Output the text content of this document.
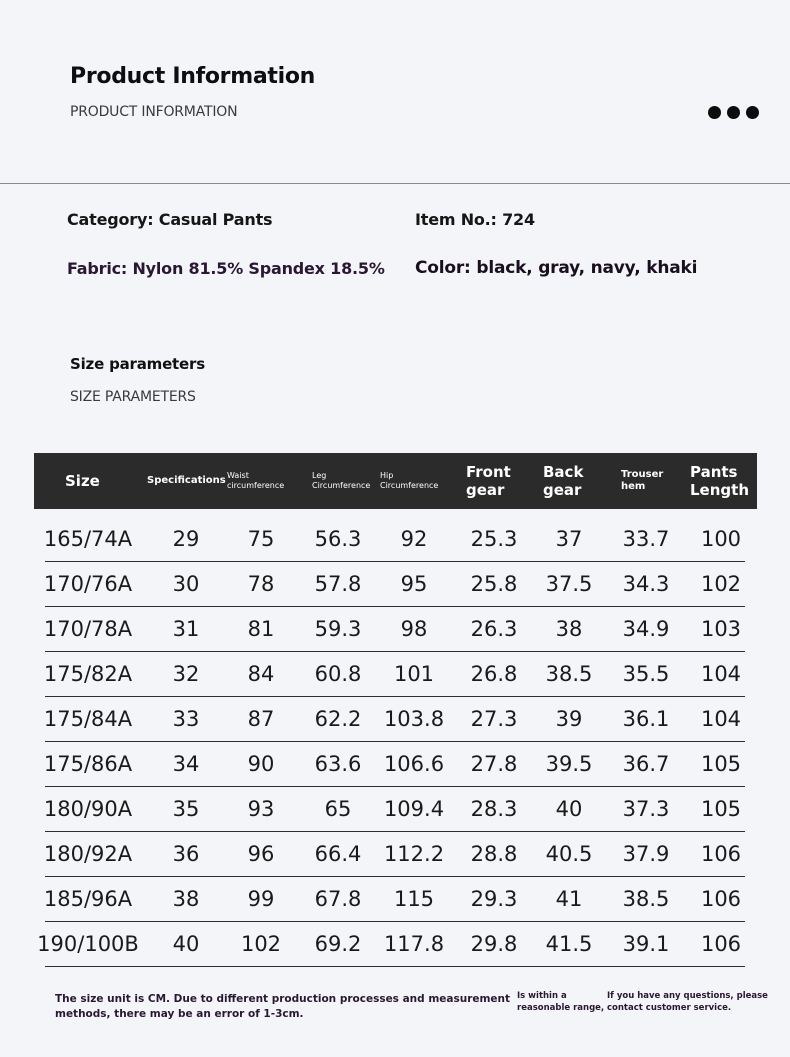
Product Information
PRODUCT INFORMATION
Category: Casual Pants	Item No.: 724
Fabric: Nylon 81.5% Spandex 18.5% Color: black, gray, navy, khaki
Size parameters
SIZE PARAMETERS
Size	Specifications Waist
circumference
Leg
Circumference
Hip
Circumference
Front
gear
Back
gear
Trouser
hem
Pants
Length
165/74A 29 75 56.3 92 25.3 37 33.7 100
170/76A 30 78 57.8 95 25.8 37.5 34.3 102
170/78A 31 81 59.3 98 26.3 38 34.9 103
175/82A 32 84 60.8 101 26.8 38.5 35.5 104
175/84A 33 87 62.2 103.8 27.3 39 36.1 104
175/86A 34 90 63.6 106.6 27.8 39.5 36.7 105
180/90A 35 93 65 109.4 28.3 40 37.3 105
180/92A 36 96 66.4 112.2 28.8 40.5 37.9 106
185/96A 38 99 67.8 115 29.3 41 38.5 106
190/100B 40 102 69.2 117.8 29.8 41.5 39.1 106
The size unit is CM. Due to different production processes and measurement
methods, there may be an error of 1-3cm.
Is within a
reasonable range,
If you have any questions, please
contact customer service.
